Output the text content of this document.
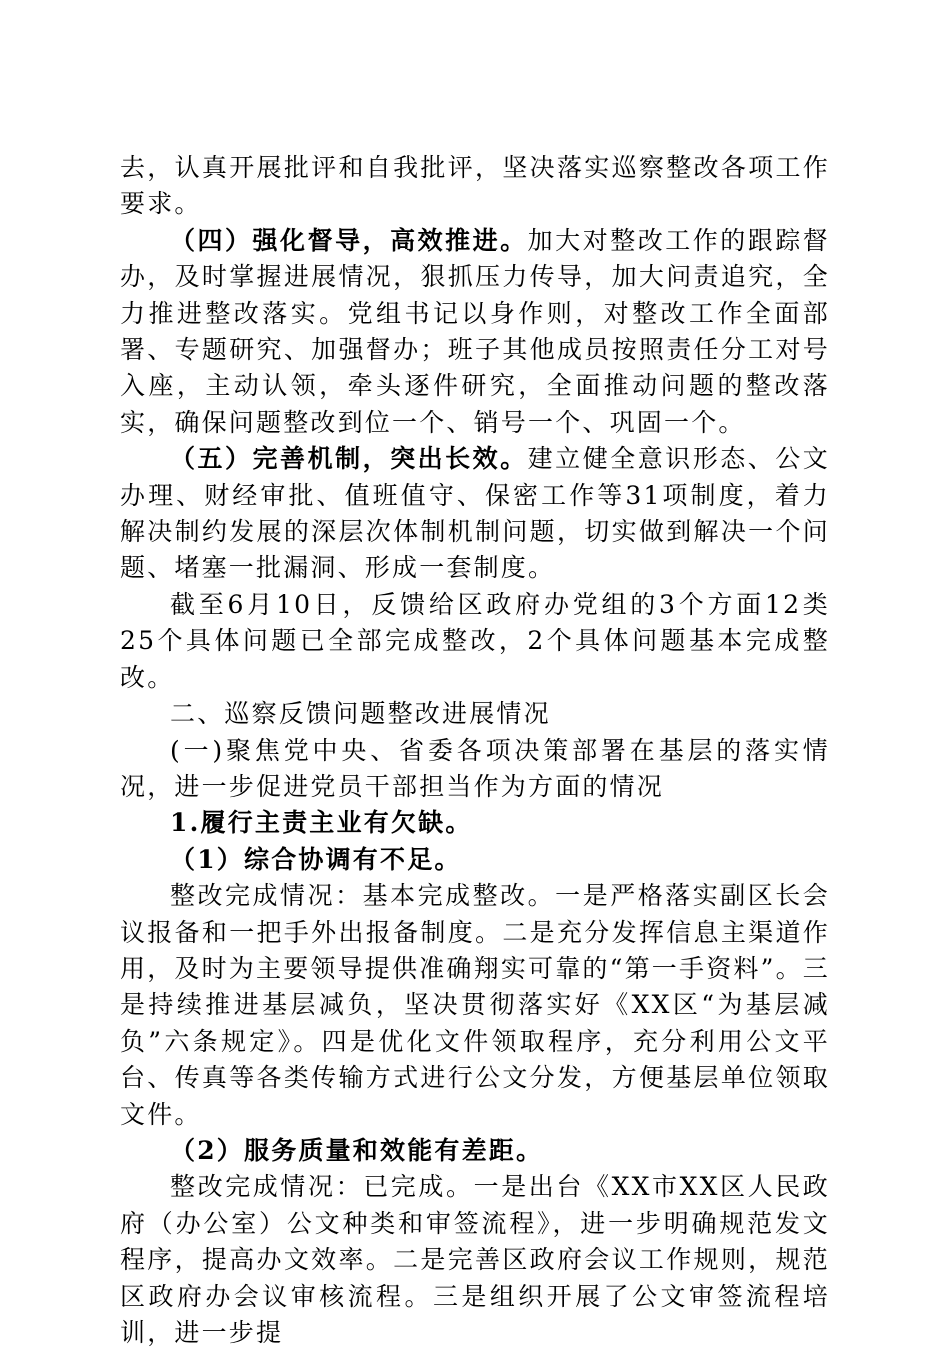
去，认真开展批评和自我批评，坚决落实巡察整改各项工作要求。

（四）强化督导，高效推进。加大对整改工作的跟踪督办，及时掌握进展情况，狠抓压力传导，加大问责追究，全力推进整改落实。党组书记以身作则，对整改工作全面部署、专题研究、加强督办；班子其他成员按照责任分工对号入座，主动认领，牵头逐件研究，全面推动问题的整改落实，确保问题整改到位一个、销号一个、巩固一个。

（五）完善机制，突出长效。建立健全意识形态、公文办理、财经审批、值班值守、保密工作等31项制度，着力解决制约发展的深层次体制机制问题，切实做到解决一个问题、堵塞一批漏洞、形成一套制度。

截至6月10日，反馈给区政府办党组的3个方面12类25个具体问题已全部完成整改，2个具体问题基本完成整改。

二、巡察反馈问题整改进展情况

(一)聚焦党中央、省委各项决策部署在基层的落实情况，进一步促进党员干部担当作为方面的情况

1.履行主责主业有欠缺。

（1）综合协调有不足。

整改完成情况：基本完成整改。一是严格落实副区长会议报备和一把手外出报备制度。二是充分发挥信息主渠道作用，及时为主要领导提供准确翔实可靠的“第一手资料”。三是持续推进基层减负，坚决贯彻落实好《XX区“为基层减负”六条规定》。四是优化文件领取程序，充分利用公文平台、传真等各类传输方式进行公文分发，方便基层单位领取文件。

（2）服务质量和效能有差距。

整改完成情况：已完成。一是出台《XX市XX区人民政府（办公室）公文种类和审签流程》，进一步明确规范发文程序，提高办文效率。二是完善区政府会议工作规则，规范区政府办会议审核流程。三是组织开展了公文审签流程培训，进一步提
